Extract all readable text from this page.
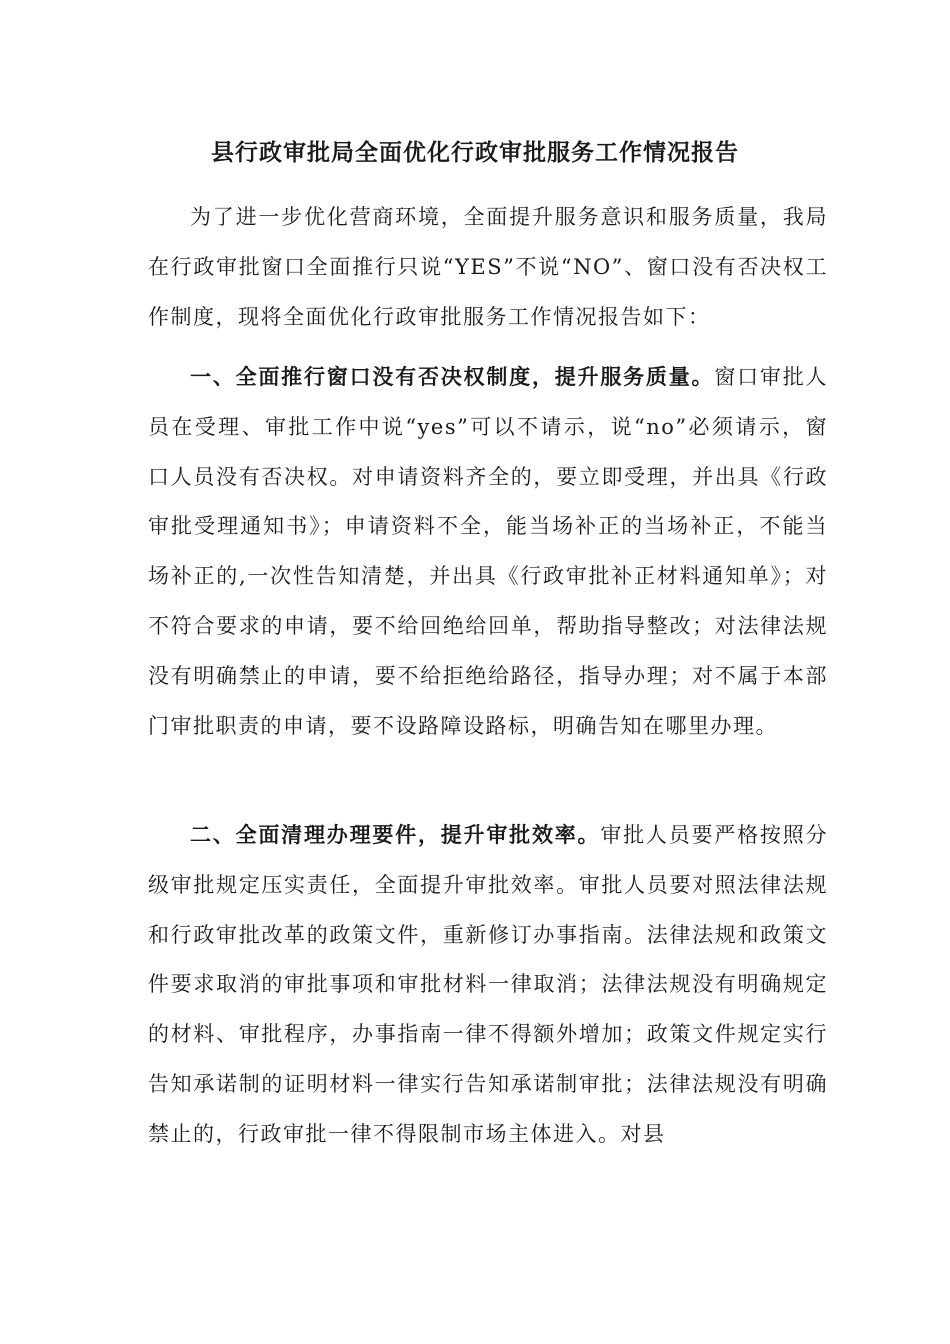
县行政审批局全面优化行政审批服务工作情况报告

为了进一步优化营商环境，全面提升服务意识和服务质量，我局在行政审批窗口全面推行只说“YES”不说“NO”、窗口没有否决权工作制度，现将全面优化行政审批服务工作情况报告如下：

一、全面推行窗口没有否决权制度，提升服务质量。窗口审批人员在受理、审批工作中说“yes”可以不请示，说“no”必须请示，窗口人员没有否决权。对申请资料齐全的，要立即受理，并出具《行政审批受理通知书》；申请资料不全，能当场补正的当场补正，不能当场补正的,一次性告知清楚，并出具《行政审批补正材料通知单》；对不符合要求的申请，要不给回绝给回单，帮助指导整改；对法律法规没有明确禁止的申请，要不给拒绝给路径，指导办理；对不属于本部门审批职责的申请，要不设路障设路标，明确告知在哪里办理。

二、全面清理办理要件，提升审批效率。审批人员要严格按照分级审批规定压实责任，全面提升审批效率。审批人员要对照法律法规和行政审批改革的政策文件，重新修订办事指南。法律法规和政策文件要求取消的审批事项和审批材料一律取消；法律法规没有明确规定的材料、审批程序，办事指南一律不得额外增加；政策文件规定实行告知承诺制的证明材料一律实行告知承诺制审批；法律法规没有明确禁止的，行政审批一律不得限制市场主体进入。对县
